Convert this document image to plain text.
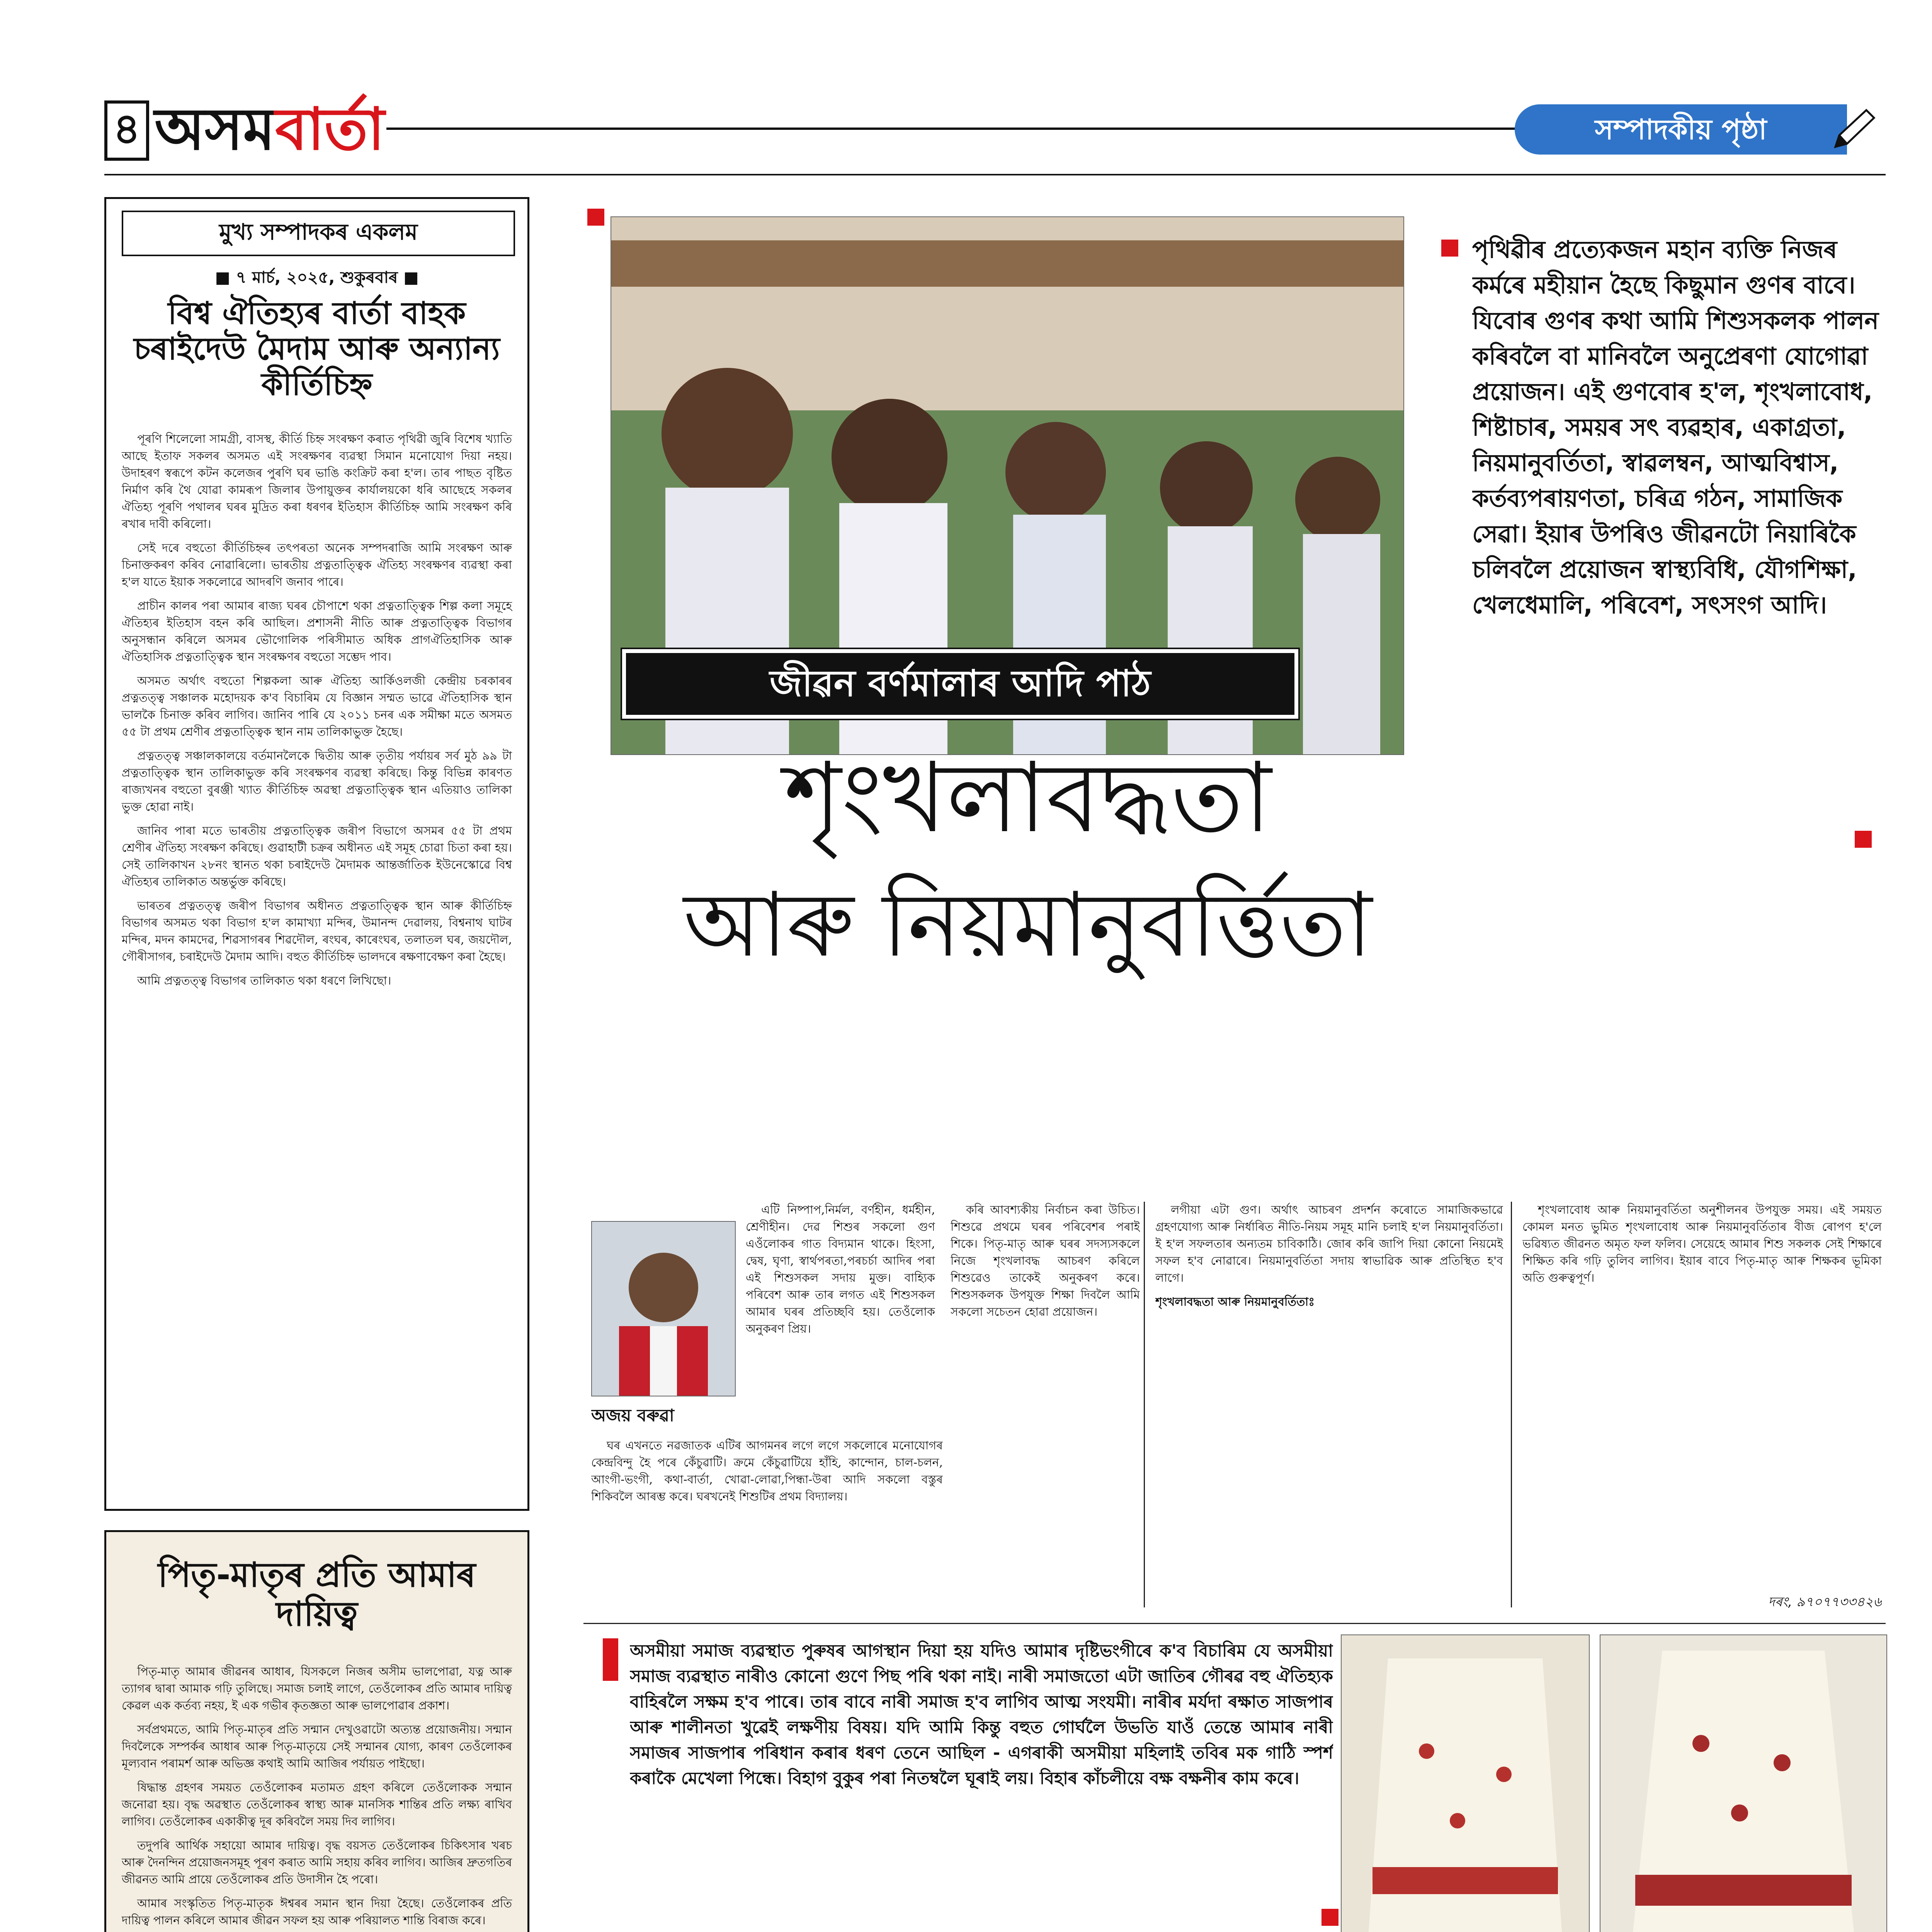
৪ অসমবাৰ্তা	সম্পাদকীয় পৃষ্ঠা
মুখ্য সম্পাদকৰ একলম
■ ৭ মাৰ্চ, ২০২৫, শুকুৰবাৰ ■
বিশ্ব ঐতিহ্যৰ বাৰ্তা বাহক চৰাইদেউ মৈদাম আৰু অন্যান্য কীৰ্তিচিহ্ন

পূৰণি শিলেলো সামগ্ৰী, বাসস্থ, কীৰ্তি চিহ্ন সংৰক্ষণ কৰাত পৃথিৱী জুৰি বিশেষ খ্যাতি আছে ইতাফ সকলৰ অসমত এই সংৰক্ষণৰ ব্যৱস্থা সিমান মনোযোগ দিয়া নহয়। উদাহৰণ স্বৰূপে কটন কলেজৰ পুৰণি ঘৰ ভাঙি কংক্ৰিট কৰা হ'ল। তাৰ পাছত বৃষ্টিত নিৰ্মাণ কৰি থৈ যোৱা কামৰূপ জিলাৰ উপায়ুক্তৰ কাৰ্যালয়কো ধৰি আছেহে সকলৰ ঐতিহ্য পূৰণি পথালৰ ঘৰৰ মুদ্ৰিত কৰা ধৰণৰ ইতিহাস কীৰ্তিচিহ্ন আমি সংৰক্ষণ কৰি ৰখাৰ দাবী কৰিলো।

সেই দৰে বহুতো কীৰ্তিচিহ্নৰ তৎপৰতা অনেক সম্পদৰাজি আমি সংৰক্ষণ আৰু চিনাক্তকৰণ কৰিব নোৱাৰিলো। ভাৰতীয় প্ৰত্নতাত্ত্বিক ঐতিহ্য সংৰক্ষণৰ ব্যৱস্থা কৰা হ'ল যাতে ইয়াক সকলোৱে আদৰণি জনাব পাৰে।

প্ৰাচীন কালৰ পৰা আমাৰ ৰাজ্য ঘৰৰ চৌপাশে থকা প্ৰত্নতাত্ত্বিক শিল্প কলা সমূহে ঐতিহ্যৰ ইতিহাস বহন কৰি আছিল। প্ৰশাসনী নীতি আৰু প্ৰত্নতাত্ত্বিক বিভাগৰ অনুসন্ধান কৰিলে অসমৰ ভৌগোলিক পৰিসীমাত অধিক প্ৰাগঐতিহাসিক আৰু ঐতিহাসিক প্ৰত্নতাত্ত্বিক স্থান সংৰক্ষণৰ বহুতো সম্ভেদ পাব।

অসমত অৰ্থাৎ বহুতো শিল্পকলা আৰু ঐতিহ্য আৰ্কিওলজী কেন্দ্ৰীয় চৰকাৰৰ প্ৰত্নতত্ত্ব সঞ্চালক মহোদয়ক ক'ব বিচাৰিম যে বিজ্ঞান সম্মত ভাৱে ঐতিহাসিক স্থান ভালকৈ চিনাক্ত কৰিব লাগিব। জানিব পাৰি যে ২০১১ চনৰ এক সমীক্ষা মতে অসমত ৫৫ টা প্ৰথম শ্ৰেণীৰ প্ৰত্নতাত্ত্বিক স্থান নাম তালিকাভুক্ত হৈছে।

প্ৰত্নতত্ত্ব সঞ্চালকালয়ে বৰ্তমানলৈকে দ্বিতীয় আৰু তৃতীয় পৰ্যায়ৰ সৰ্ব মুঠ ৯৯ টা প্ৰত্নতাত্ত্বিক স্থান তালিকাভুক্ত কৰি সংৰক্ষণৰ ব্যৱস্থা কৰিছে। কিন্তু বিভিন্ন কাৰণত ৰাজ্যখনৰ বহুতো বুৰঞ্জী খ্যাত কীৰ্তিচিহ্ন অৱস্থা প্ৰত্নতাত্ত্বিক স্থান এতিয়াও তালিকা ভুক্ত হোৱা নাই।

জানিব পাৰা মতে ভাৰতীয় প্ৰত্নতাত্ত্বিক জৰীপ বিভাগে অসমৰ ৫৫ টা প্ৰথম শ্ৰেণীৰ ঐতিহ্য সংৰক্ষণ কৰিছে। গুৱাহাটী চক্ৰৰ অধীনত এই সমূহ চোৱা চিতা কৰা হয়। সেই তালিকাখন ২৮নং স্থানত থকা চৰাইদেউ মৈদামক আন্তৰ্জাতিক ইউনেস্কোৱে বিশ্ব ঐতিহ্যৰ তালিকাত অন্তৰ্ভুক্ত কৰিছে।

ভাৰতৰ প্ৰত্নতত্ত্ব জৰীপ বিভাগৰ অধীনত প্ৰত্নতাত্ত্বিক স্থান আৰু কীৰ্তিচিহ্ন বিভাগৰ অসমত থকা বিভাগ হ'ল কামাখ্যা মন্দিৰ, উমানন্দ দেৱালয়, বিশ্বনাথ ঘাটৰ মন্দিৰ, মদন কামদেৱ, শিৱসাগৰৰ শিৱদৌল, ৰংঘৰ, কাৰেংঘৰ, তলাতল ঘৰ, জয়দৌল, গৌৰীসাগৰ, চৰাইদেউ মৈদাম আদি। বহুত কীৰ্তিচিহ্ন ভালদৰে ৰক্ষণাবেক্ষণ কৰা হৈছে।

আমি প্ৰত্নতত্ত্ব বিভাগৰ তালিকাত থকা ধৰণে লিখিছো।

পিতৃ-মাতৃৰ প্ৰতি আমাৰ দায়িত্ব

পিতৃ-মাতৃ আমাৰ জীৱনৰ আধাৰ, যিসকলে নিজৰ অসীম ভালপোৱা, যত্ন আৰু ত্যাগৰ দ্বাৰা আমাক গঢ়ি তুলিছে। সমাজ চলাই লাগে, তেওঁলোকৰ প্ৰতি আমাৰ দায়িত্ব কেৱল এক কৰ্তব্য নহয়, ই এক গভীৰ কৃতজ্ঞতা আৰু ভালপোৱাৰ প্ৰকাশ।

সৰ্বপ্ৰথমতে, আমি পিতৃ-মাতৃৰ প্ৰতি সন্মান দেখুওৱাটো অত্যন্ত প্ৰয়োজনীয়। সন্মান দিবলৈকে সম্পৰ্কৰ আধাৰ আৰু পিতৃ-মাতৃয়ে সেই সন্মানৰ যোগ্য, কাৰণ তেওঁলোকৰ মূল্যবান পৰামৰ্শ আৰু অভিজ্ঞ কথাই আমি আজিৰ পৰ্যায়ত পাইছো।

ষিদ্ধান্ত গ্ৰহণৰ সময়ত তেওঁলোকৰ মতামত গ্ৰহণ কৰিলে তেওঁলোকক সন্মান জনোৱা হয়। বৃদ্ধ অৱস্থাত তেওঁলোকৰ স্বাস্থ্য আৰু মানসিক শান্তিৰ প্ৰতি লক্ষ্য ৰাখিব লাগিব। তেওঁলোকৰ একাকীত্ব দূৰ কৰিবলৈ সময় দিব লাগিব।

তদুপৰি আৰ্থিক সহায়ো আমাৰ দায়িত্ব। বৃদ্ধ বয়সত তেওঁলোকৰ চিকিৎসাৰ খৰচ আৰু দৈনন্দিন প্ৰয়োজনসমূহ পূৰণ কৰাত আমি সহায় কৰিব লাগিব। আজিৰ দ্ৰুতগতিৰ জীৱনত আমি প্ৰায়ে তেওঁলোকৰ প্ৰতি উদাসীন হৈ পৰো।

আমাৰ সংস্কৃতিত পিতৃ-মাতৃক ঈশ্বৰৰ সমান স্থান দিয়া হৈছে। তেওঁলোকৰ প্ৰতি দায়িত্ব পালন কৰিলে আমাৰ জীৱন সফল হয় আৰু পৰিয়ালত শান্তি বিৰাজ কৰে।

পৃথিৱীৰ প্ৰত্যেকজন মহান ব্যক্তি নিজৰ কৰ্মৰে মহীয়ান হৈছে কিছুমান গুণৰ বাবে। যিবোৰ গুণৰ কথা আমি শিশুসকলক পালন কৰিবলৈ বা মানিবলৈ অনুপ্ৰেৰণা যোগোৱা প্ৰয়োজন। এই গুণবোৰ হ'ল, শৃংখলাবোধ, শিষ্টাচাৰ, সময়ৰ সৎ ব্যৱহাৰ, একাগ্ৰতা, নিয়মানুবৰ্তিতা, স্বাৱলম্বন, আত্মবিশ্বাস, কৰ্তব্যপৰায়ণতা, চৰিত্ৰ গঠন, সামাজিক সেৱা। ইয়াৰ উপৰিও জীৱনটো নিয়াৰিকৈ চলিবলৈ প্ৰয়োজন স্বাস্থ্যবিধি, যৌগশিক্ষা, খেলধেমালি, পৰিবেশ, সৎসংগ আদি।
জীৱন বৰ্ণমালাৰ আদি পাঠ
শৃংখলাবদ্ধতা
আৰু নিয়মানুবৰ্ত্তিতা
অজয় বৰুৱা

এটি নিষ্পাপ,নিৰ্মল, বৰ্ণহীন, ধৰ্মহীন, শ্ৰেণীহীন। দেৱ শিশুৰ সকলো গুণ এওঁলোকৰ গাত বিদ্যমান থাকে। হিংসা, দ্বেষ, ঘৃণা, স্বাৰ্থপৰতা,পৰচৰ্চা আদিৰ পৰা এই শিশুসকল সদায় মুক্ত। বাহ্যিক পৰিবেশ আৰু তাৰ লগত এই শিশুসকল আমাৰ ঘৰৰ প্ৰতিচ্ছবি হয়। তেওঁলোক অনুকৰণ প্ৰিয়।

ঘৰ এখনতে নৱজাতক এটিৰ আগমনৰ লগে লগে সকলোৰে মনোযোগৰ কেন্দ্ৰবিন্দু হৈ পৰে কেঁচুৱাটি। ক্ৰমে কেঁচুৱাটিয়ে হাঁহি, কান্দোন, চাল-চলন, আংগী-ভংগী, কথা-বাৰ্তা, খোৱা-লোৱা,পিন্ধা-উৰা আদি সকলো বস্তুৰ শিকিবলৈ আৰম্ভ কৰে। ঘৰখনেই শিশুটিৰ প্ৰথম বিদ্যালয়।

কৰি আবশ্যকীয় নিৰ্বাচন কৰা উচিত। শিশুৱে প্ৰথমে ঘৰৰ পৰিবেশৰ পৰাই শিকে। পিতৃ-মাতৃ আৰু ঘৰৰ সদস্যসকলে নিজে শৃংখলাবদ্ধ আচৰণ কৰিলে শিশুৱেও তাকেই অনুকৰণ কৰে। শিশুসকলক উপযুক্ত শিক্ষা দিবলৈ আমি সকলো সচেতন হোৱা প্ৰয়োজন।

লগীয়া এটা গুণ। অৰ্থাৎ আচৰণ প্ৰদৰ্শন কৰোতে সামাজিকভাৱে গ্ৰহণযোগ্য আৰু নিৰ্ধাৰিত নীতি-নিয়ম সমূহ মানি চলাই হ'ল নিয়মানুবৰ্তিতা। ই হ'ল সফলতাৰ অন্যতম চাবিকাঠি। জোৰ কৰি জাপি দিয়া কোনো নিয়মেই সফল হ'ব নোৱাৰে। নিয়মানুবৰ্তিতা সদায় স্বাভাৱিক আৰু প্ৰতিস্থিত হ'ব লাগে।

শৃংখলাবদ্ধতা আৰু নিয়মানুবৰ্তিতাঃ

শৃংখলাবোধ আৰু নিয়মানুবৰ্তিতা অনুশীলনৰ উপযুক্ত সময়। এই সময়ত কোমল মনত ভুমিত শৃংখলাবোধ আৰু নিয়মানুবৰ্তিতাৰ বীজ ৰোপণ হ'লে ভৱিষ্যত জীৱনত অমৃত ফল ফলিব। সেয়েহে আমাৰ শিশু সকলক সেই শিক্ষাৰে শিক্ষিত কৰি গঢ়ি তুলিব লাগিব। ইয়াৰ বাবে পিতৃ-মাতৃ আৰু শিক্ষকৰ ভূমিকা অতি গুৰুত্বপূৰ্ণ।

দৰং, ৯৭০৭৭৩৩৪২৬
অসমীয়া সমাজ ব্যৱস্থাত পুৰুষৰ আগস্থান দিয়া হয় যদিও আমাৰ দৃষ্টিভংগীৰে ক'ব বিচাৰিম যে অসমীয়া সমাজ ব্যৱস্থাত নাৰীও কোনো গুণে পিছ পৰি থকা নাই। নাৰী সমাজতো এটা জাতিৰ গৌৰৱ বহু ঐতিহ্যক বাহিৰলৈ সক্ষম হ'ব পাৰে। তাৰ বাবে নাৰী সমাজ হ'ব লাগিব আত্ম সংযমী। নাৰীৰ মৰ্যদা ৰক্ষাত সাজপাৰ আৰু শালীনতা খুৱেই লক্ষণীয় বিষয়। যদি আমি কিন্তু বহুত গোৰ্ঘলৈ উভতি যাওঁ তেন্তে আমাৰ নাৰী সমাজৰ সাজপাৰ পৰিধান কৰাৰ ধৰণ তেনে আছিল - এগৰাকী অসমীয়া মহিলাই তবিৰ মক গাঠি স্পৰ্শ কৰাকৈ মেখেলা পিন্ধে। বিহাগ বুকুৰ পৰা নিতম্বলৈ ঘূৰাই লয়। বিহাৰ কাঁচলীয়ে বক্ষ বক্ষনীৰ কাম কৰে।
